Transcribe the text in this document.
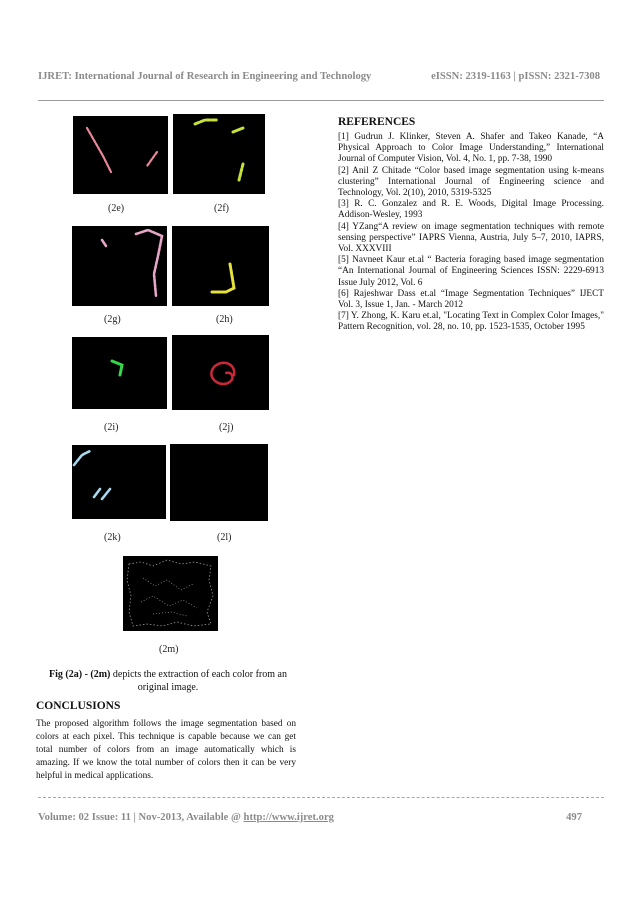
IJRET: International Journal of Research in Engineering and Technology	eISSN: 2319-1163 | pISSN: 2321-7308
(2e)	(2f)
(2g)	(2h)
(2i)	(2j)
(2k)	(2l)
(2m)
Fig (2a) - (2m) depicts the extraction of each color from an original image.
CONCLUSIONS
The proposed algorithm follows the image segmentation based on colors at each pixel. This technique is capable because we can get total number of colors from an image automatically which is amazing. If we know the total number of colors then it can be very helpful in medical applications.
REFERENCES

[1] Gudrun J. Klinker, Steven A. Shafer and Takeo Kanade, “A Physical Approach to Color Image Understanding,” International Journal of Computer Vision, Vol. 4, No. 1, pp. 7-38, 1990

[2] Anil Z Chitade “Color based image segmentation using k-means clustering” International Journal of Engineering science and Technology, Vol. 2(10), 2010, 5319-5325

[3] R. C. Gonzalez and R. E. Woods, Digital Image Processing. Addison-Wesley, 1993

[4] YZang“A review on image segmentation techniques with remote sensing perspective” IAPRS Vienna, Austria, July 5–7, 2010, IAPRS, Vol. XXXVIII

[5] Navneet Kaur et.al “ Bacteria foraging based image segmentation “An International Journal of Engineering Sciences ISSN: 2229-6913 Issue July 2012, Vol. 6

[6] Rajeshwar Dass et.al “Image Segmentation Techniques” IJECT Vol. 3, Issue 1, Jan. - March 2012

[7] Y. Zhong, K. Karu et.al, "Locating Text in Complex Color Images," Pattern Recognition, vol. 28, no. 10, pp. 1523-1535, October 1995

Volume: 02 Issue: 11 | Nov-2013, Available @ http://www.ijret.org	497
